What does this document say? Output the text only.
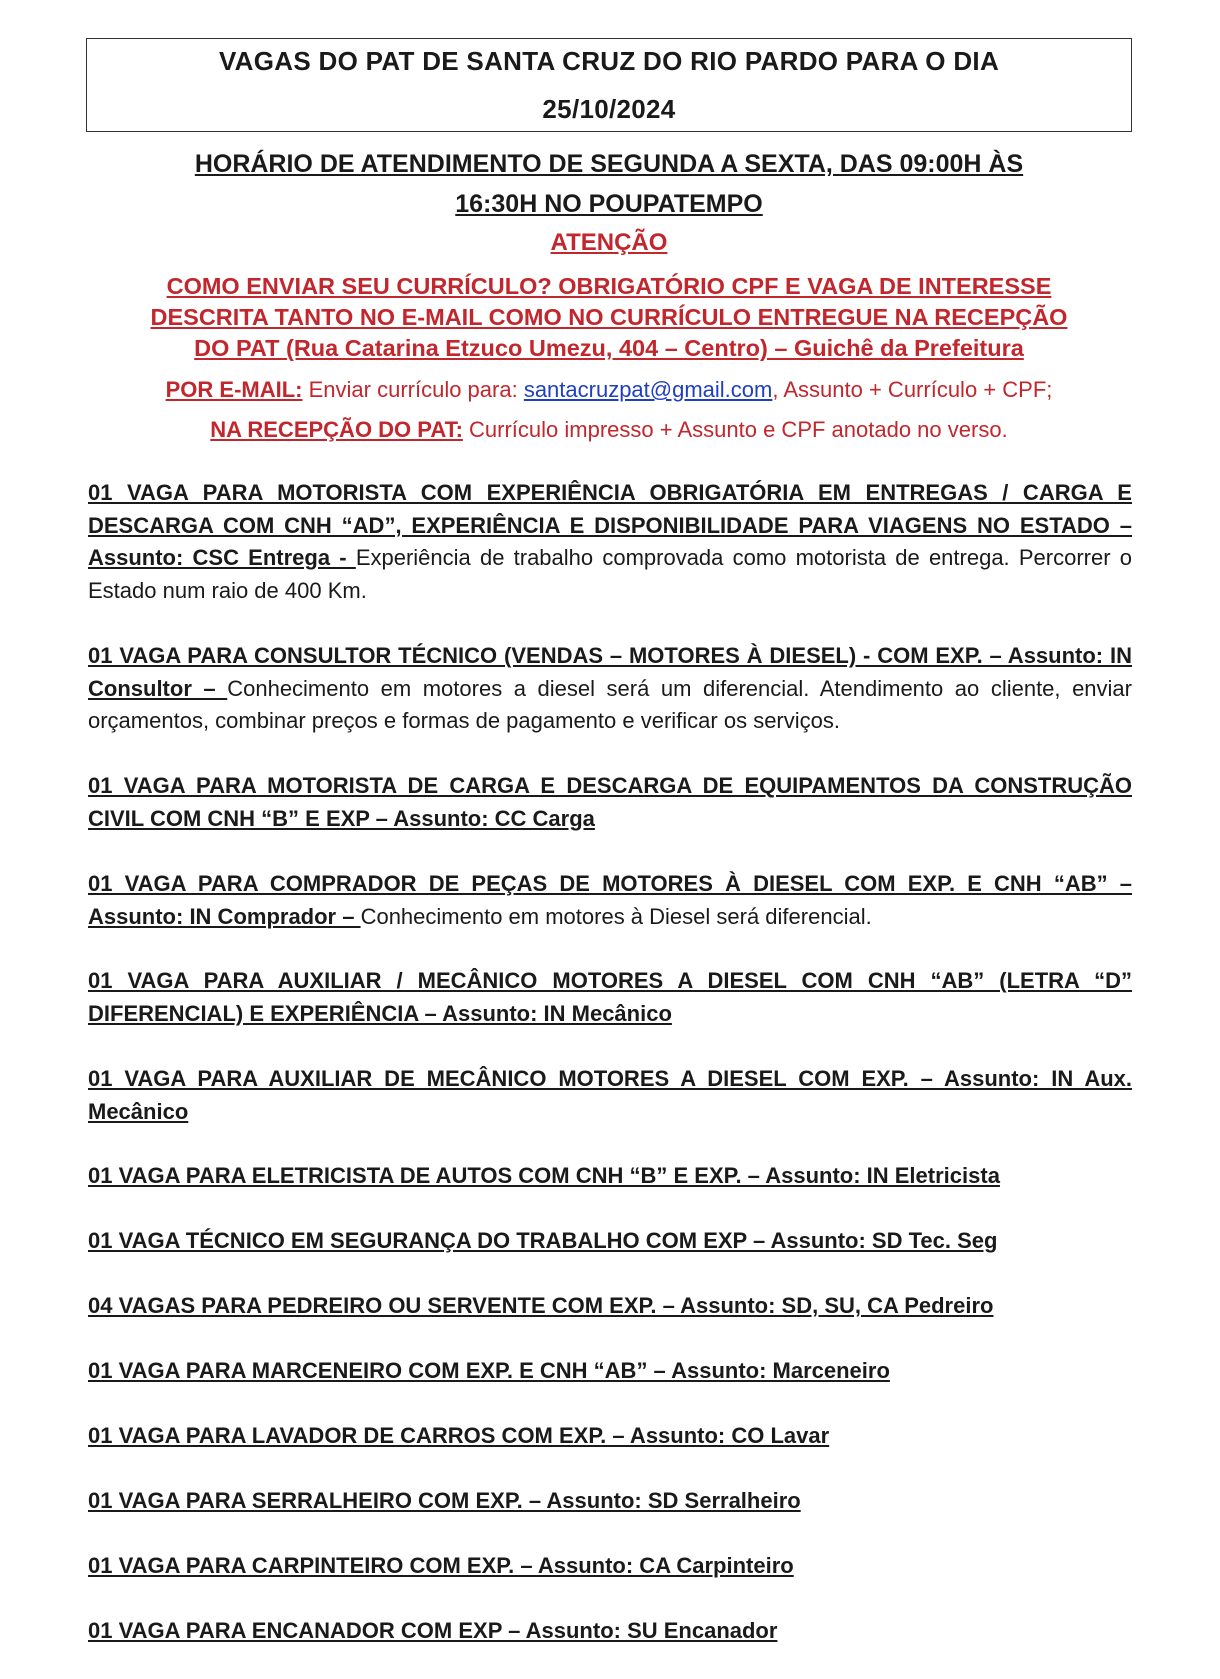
VAGAS DO PAT DE SANTA CRUZ DO RIO PARDO PARA O DIA
25/10/2024
HORÁRIO DE ATENDIMENTO DE SEGUNDA A SEXTA, DAS 09:00H ÀS
16:30H NO POUPATEMPO
ATENÇÃO
COMO ENVIAR SEU CURRÍCULO? OBRIGATÓRIO CPF E VAGA DE INTERESSE
DESCRITA TANTO NO E-MAIL COMO NO CURRÍCULO ENTREGUE NA RECEPÇÃO
DO PAT (Rua Catarina Etzuco Umezu, 404 – Centro) – Guichê da Prefeitura
POR E-MAIL: Enviar currículo para: santacruzpat@gmail.com, Assunto + Currículo + CPF;
NA RECEPÇÃO DO PAT: Currículo impresso + Assunto e CPF anotado no verso.
01 VAGA PARA MOTORISTA COM EXPERIÊNCIA OBRIGATÓRIA EM ENTREGAS / CARGA E DESCARGA COM CNH “AD”, EXPERIÊNCIA E DISPONIBILIDADE PARA VIAGENS NO ESTADO – Assunto: CSC Entrega - Experiência de trabalho comprovada como motorista de entrega. Percorrer o Estado num raio de 400 Km.
01 VAGA PARA CONSULTOR TÉCNICO (VENDAS – MOTORES À DIESEL) - COM EXP. – Assunto: IN Consultor – Conhecimento em motores a diesel será um diferencial. Atendimento ao cliente, enviar orçamentos, combinar preços e formas de pagamento e verificar os serviços.
01 VAGA PARA MOTORISTA DE CARGA E DESCARGA DE EQUIPAMENTOS DA CONSTRUÇÃO CIVIL COM CNH “B” E EXP – Assunto: CC Carga
01 VAGA PARA COMPRADOR DE PEÇAS DE MOTORES À DIESEL COM EXP. E CNH “AB” – Assunto: IN Comprador – Conhecimento em motores à Diesel será diferencial.
01 VAGA PARA AUXILIAR / MECÂNICO MOTORES A DIESEL COM CNH “AB” (LETRA “D” DIFERENCIAL) E EXPERIÊNCIA – Assunto: IN Mecânico
01 VAGA PARA AUXILIAR DE MECÂNICO MOTORES A DIESEL COM EXP. – Assunto: IN Aux. Mecânico
01 VAGA PARA ELETRICISTA DE AUTOS COM CNH “B” E EXP. – Assunto: IN Eletricista
01 VAGA TÉCNICO EM SEGURANÇA DO TRABALHO COM EXP – Assunto: SD Tec. Seg
04 VAGAS PARA PEDREIRO OU SERVENTE COM EXP. – Assunto: SD, SU, CA Pedreiro
01 VAGA PARA MARCENEIRO COM EXP. E CNH “AB” – Assunto: Marceneiro
01 VAGA PARA LAVADOR DE CARROS COM EXP. – Assunto: CO Lavar
01 VAGA PARA SERRALHEIRO COM EXP. – Assunto: SD Serralheiro
01 VAGA PARA CARPINTEIRO COM EXP. – Assunto: CA Carpinteiro
01 VAGA PARA ENCANADOR COM EXP – Assunto: SU Encanador
